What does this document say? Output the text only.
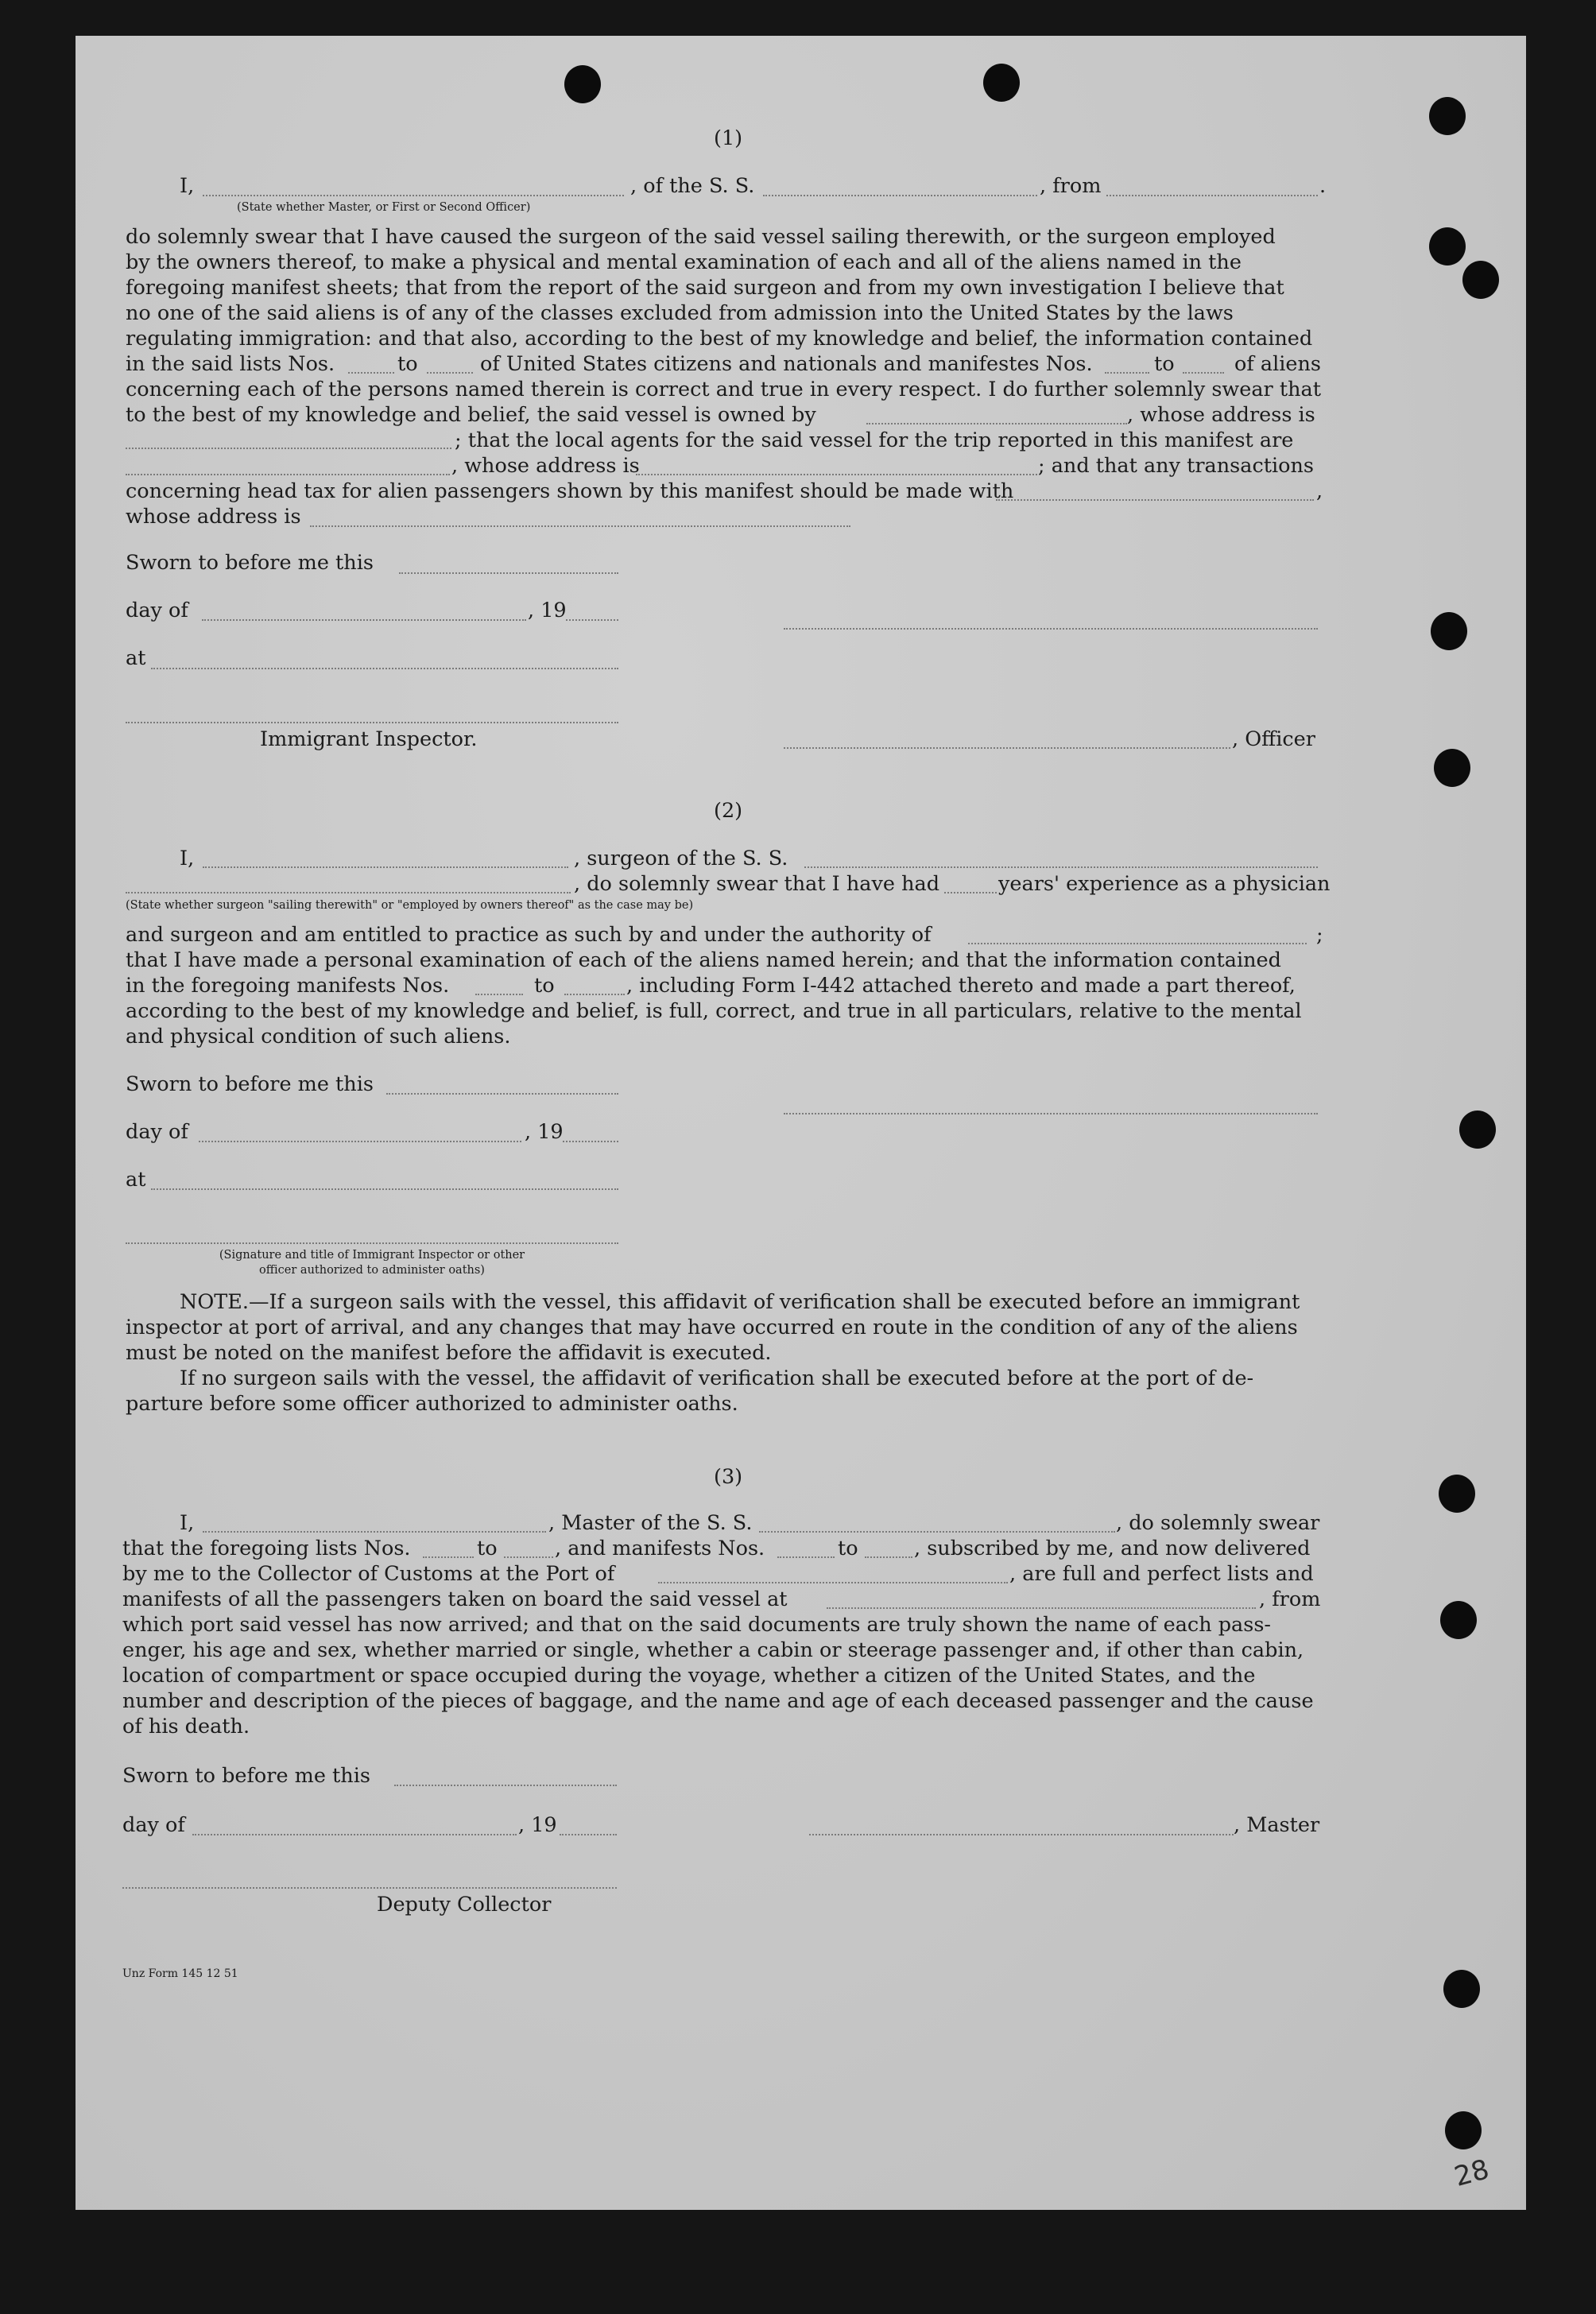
(1)
I,	, of the S. S.	, from	.
(State whether Master, or First or Second Officer)
do solemnly swear that I have caused the surgeon of the said vessel sailing therewith, or the surgeon employed
by the owners thereof, to make a physical and mental examination of each and all of the aliens named in the
foregoing manifest sheets; that from the report of the said surgeon and from my own investigation I believe that
no one of the said aliens is of any of the classes excluded from admission into the United States by the laws
regulating immigration: and that also, according to the best of my knowledge and belief, the information contained
in the said lists Nos.	to	of United States citizens and nationals and manifestes Nos.	to	of aliens
concerning each of the persons named therein is correct and true in every respect. I do further solemnly swear that
to the best of my knowledge and belief, the said vessel is owned by	, whose address is
; that the local agents for the said vessel for the trip reported in this manifest are
, whose address is	; and that any transactions
concerning head tax for alien passengers shown by this manifest should be made with	,
whose address is
Sworn to before me this
day of	, 19
at
Immigrant Inspector.	, Officer
(2)
I,	, surgeon of the S. S.
, do solemnly swear that I have had	years' experience as a physician
(State whether surgeon "sailing therewith" or "employed by owners thereof" as the case may be)
and surgeon and am entitled to practice as such by and under the authority of	;
that I have made a personal examination of each of the aliens named herein; and that the information contained
in the foregoing manifests Nos.	to	, including Form I-442 attached thereto and made a part thereof,
according to the best of my knowledge and belief, is full, correct, and true in all particulars, relative to the mental
and physical condition of such aliens.
Sworn to before me this
day of	, 19
at
(Signature and title of Immigrant Inspector or other
officer authorized to administer oaths)
NOTE.—If a surgeon sails with the vessel, this affidavit of verification shall be executed before an immigrant
inspector at port of arrival, and any changes that may have occurred en route in the condition of any of the aliens
must be noted on the manifest before the affidavit is executed.
If no surgeon sails with the vessel, the affidavit of verification shall be executed before at the port of de-
parture before some officer authorized to administer oaths.
(3)
I,	, Master of the S. S.	, do solemnly swear
that the foregoing lists Nos.	to	, and manifests Nos.	to	, subscribed by me, and now delivered
by me to the Collector of Customs at the Port of	, are full and perfect lists and
manifests of all the passengers taken on board the said vessel at	, from
which port said vessel has now arrived; and that on the said documents are truly shown the name of each pass-
enger, his age and sex, whether married or single, whether a cabin or steerage passenger and, if other than cabin,
location of compartment or space occupied during the voyage, whether a citizen of the United States, and the
number and description of the pieces of baggage, and the name and age of each deceased passenger and the cause
of his death.
Sworn to before me this
day of	, 19	, Master
Deputy Collector
Unz Form 145 12 51
28
